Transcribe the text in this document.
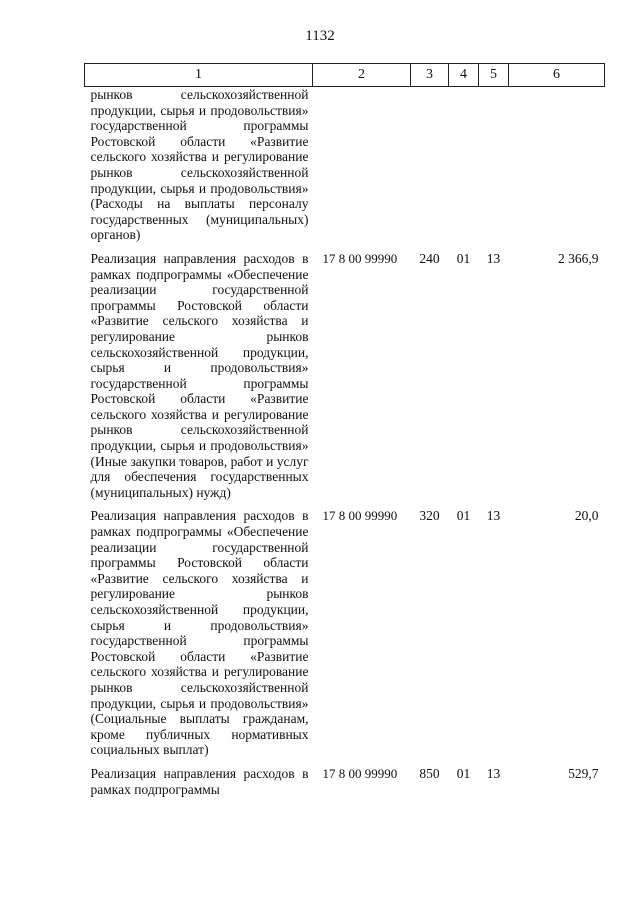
1132
1	2	3	4	5	6
рынков сельскохозяйственной продукции, сырья и продовольствия» государственной программы Ростовской области «Развитие сельского хозяйства и регулирование рынков сельскохозяйственной продукции, сырья и продовольствия» (Расходы на выплаты персоналу государственных (муниципальных) органов)					
Реализация направления расходов в рамках подпрограммы «Обеспечение реализации государственной программы Ростовской области «Развитие сельского хозяйства и регулирование рынков сельскохозяйственной продукции, сырья и продовольствия» государственной программы Ростовской области «Развитие сельского хозяйства и регулирование рынков сельскохозяйственной продукции, сырья и продовольствия» (Иные закупки товаров, работ и услуг для обеспечения государственных (муниципальных) нужд)	17 8 00 99990	240	01	13	2 366,9
Реализация направления расходов в рамках подпрограммы «Обеспечение реализации государственной программы Ростовской области «Развитие сельского хозяйства и регулирование рынков сельскохозяйственной продукции, сырья и продовольствия» государственной программы Ростовской области «Развитие сельского хозяйства и регулирование рынков сельскохозяйственной продукции, сырья и продовольствия» (Социальные выплаты гражданам, кроме публичных нормативных социальных выплат)	17 8 00 99990	320	01	13	20,0
Реализация направления расходов в рамках подпрограммы	17 8 00 99990	850	01	13	529,7
